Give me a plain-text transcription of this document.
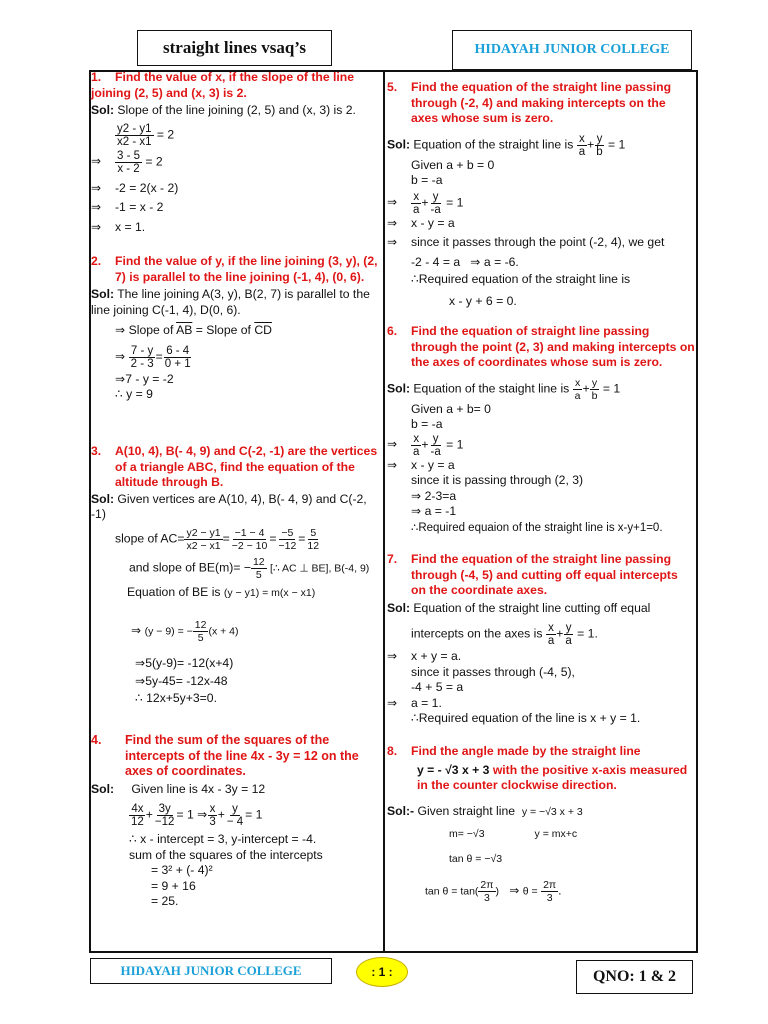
straight lines vsaq’s	HIDAYAH JUNIOR COLLEGE

1. Find the value of x, if the slope of the line joining (2, 5) and (x, 3) is 2.

Sol: Slope of the line joining (2, 5) and (x, 3) is 2.

$\frac{y2 - y1}{x2 - x1} = 2$

⇒ $\frac{3 - 5}{x - 2} = 2$

⇒ -2 = 2(x - 2)

⇒ -1 = x - 2

⇒ x = 1.

2.	Find the value of y, if the line joining (3, y), (2, 7) is parallel to the line joining (-1, 4), (0, 6).

Sol: The line joining A(3, y), B(2, 7) is parallel to the line joining C(-1, 4), D(0, 6).

⇒ Slope of $\overline{AB}$ = Slope of $\overline{CD}$

⇒ $\frac{7 - y}{2 - 3} = \frac{6 - 4}{0 + 1}$

⇒7 - y = -2

∴ y = 9

3.	A(10, 4), B(- 4, 9) and C(-2, -1) are the vertices of a triangle ABC, find the equation of the altitude through B.

Sol: Given vertices are A(10, 4), B(- 4, 9) and C(-2, -1)

slope of $AC= \frac{y2 - y1}{x2 - x1} = \frac{-1 - 4}{-2 - 10} = \frac{-5}{-12} = \frac{5}{12}$

and slope of $BE(m)= - \frac{12}{5}$ [∴ AC ⊥ BE], B(-4, 9)

Equation of BE is (y − y1) = m(x − x1)

⇒ (y − 9) = − $\frac{12}{5} (x + 4)$

⇒5(y-9)= -12(x+4)

⇒5y-45= -12x-48

∴ 12x+5y+3=0.

4.	Find the sum of the squares of the intercepts of the line 4x - 3y = 12 on the axes of coordinates.

Sol: Given line is 4x - 3y = 12

$\frac{4x}{12} + \frac{3y}{-12} = 1$ ⇒ $\frac{x}{3} + \frac{y}{- 4} = 1$

∴ x - intercept = 3, y-intercept = -4.

sum of the squares of the intercepts

= 3² + (- 4)²

= 9 + 16

= 25.

5.	Find the equation of the straight line passing through (-2, 4) and making intercepts on the axes whose sum is zero.

Sol: Equation of the straight line is $\frac{x}{a} + \frac{y}{b} = 1$

Given a + b = 0

b = -a

⇒ $\frac{x}{a} + \frac{y}{-a} = 1$

⇒ x - y = a

⇒ since it passes through the point (-2, 4), we get

-2 - 4 = a ⇒ a = -6.

∴Required equation of the straight line is

x - y + 6 = 0.

6.	Find the equation of straight line passing through the point (2, 3) and making intercepts on the axes of coordinates whose sum is zero.

Sol: Equation of the staight line is $\frac{x}{a} + \frac{y}{b} = 1$

Given a + b= 0

b = -a

⇒ $\frac{x}{a} + \frac{y}{-a} = 1$

⇒ x - y = a

since it is passing through (2, 3)

⇒ 2-3=a

⇒ a = -1

∴Required equaion of the straight line is x-y+1=0.

7.	Find the equation of the straight line passing through (-4, 5) and cutting off equal intercepts on the coordinate axes.

Sol: Equation of the straight line cutting off equal

intercepts on the axes is $\frac{x}{a} + \frac{y}{a} = 1$.

⇒ x + y = a.

since it passes through (-4, 5),

-4 + 5 = a

⇒ a = 1.

∴Required equation of the line is x + y = 1.

8. Find the angle made by the straight line

y = - √3 x + 3 with the positive x-axis measured in the counter clockwise direction.

Sol:- Given straight line y = −√3 x + 3

m= −√3	y = mx+c

tan θ = −√3

$\tan \theta = \tan( \frac{2\pi}{3}$ ) ⇒ $\theta = \frac{2\pi}{3}$ .

HIDAYAH JUNIOR COLLEGE	: 1 :	QNO: 1 & 2
